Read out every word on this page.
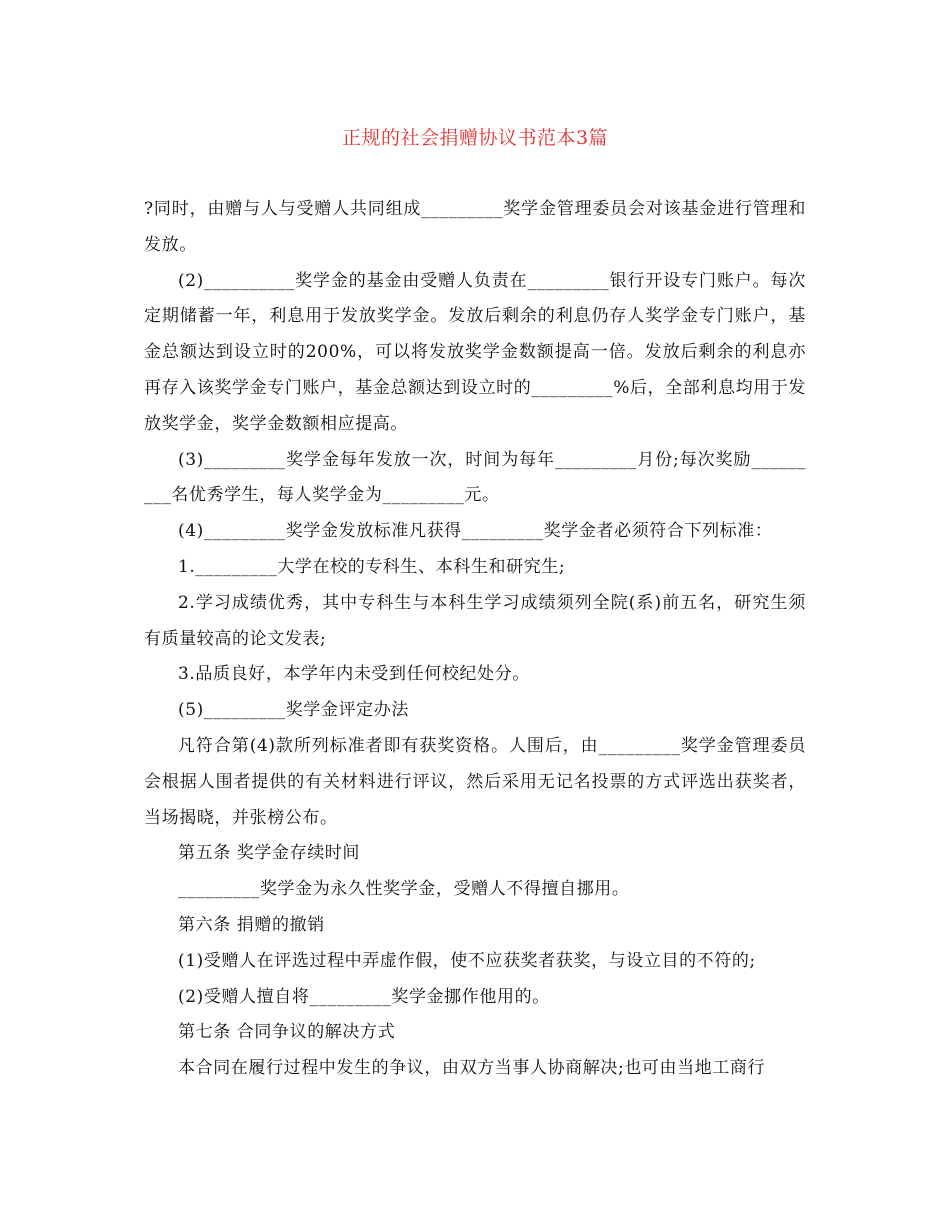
正规的社会捐赠协议书范本3篇

?同时，由赠与人与受赠人共同组成_________奖学金管理委员会对该基金进行管理和发放。

(2)__________奖学金的基金由受赠人负责在_________银行开设专门账户。每次定期储蓄一年，利息用于发放奖学金。发放后剩余的利息仍存人奖学金专门账户，基金总额达到设立时的200%，可以将发放奖学金数额提高一倍。发放后剩余的利息亦再存入该奖学金专门账户，基金总额达到设立时的_________%后，全部利息均用于发放奖学金，奖学金数额相应提高。

(3)_________奖学金每年发放一次，时间为每年_________月份;每次奖励_________名优秀学生，每人奖学金为_________元。

(4)_________奖学金发放标准凡获得_________奖学金者必须符合下列标准：

1._________大学在校的专科生、本科生和研究生;

2.学习成绩优秀，其中专科生与本科生学习成绩须列全院(系)前五名，研究生须有质量较高的论文发表;

3.品质良好，本学年内未受到任何校纪处分。

(5)_________奖学金评定办法

凡符合第(4)款所列标准者即有获奖资格。人围后，由_________奖学金管理委员会根据人围者提供的有关材料进行评议，然后采用无记名投票的方式评选出获奖者，当场揭晓，并张榜公布。

第五条 奖学金存续时间

_________奖学金为永久性奖学金，受赠人不得擅自挪用。

第六条 捐赠的撤销

(1)受赠人在评选过程中弄虚作假，使不应获奖者获奖，与设立目的不符的;

(2)受赠人擅自将_________奖学金挪作他用的。

第七条 合同争议的解决方式

本合同在履行过程中发生的争议，由双方当事人协商解决;也可由当地工商行
